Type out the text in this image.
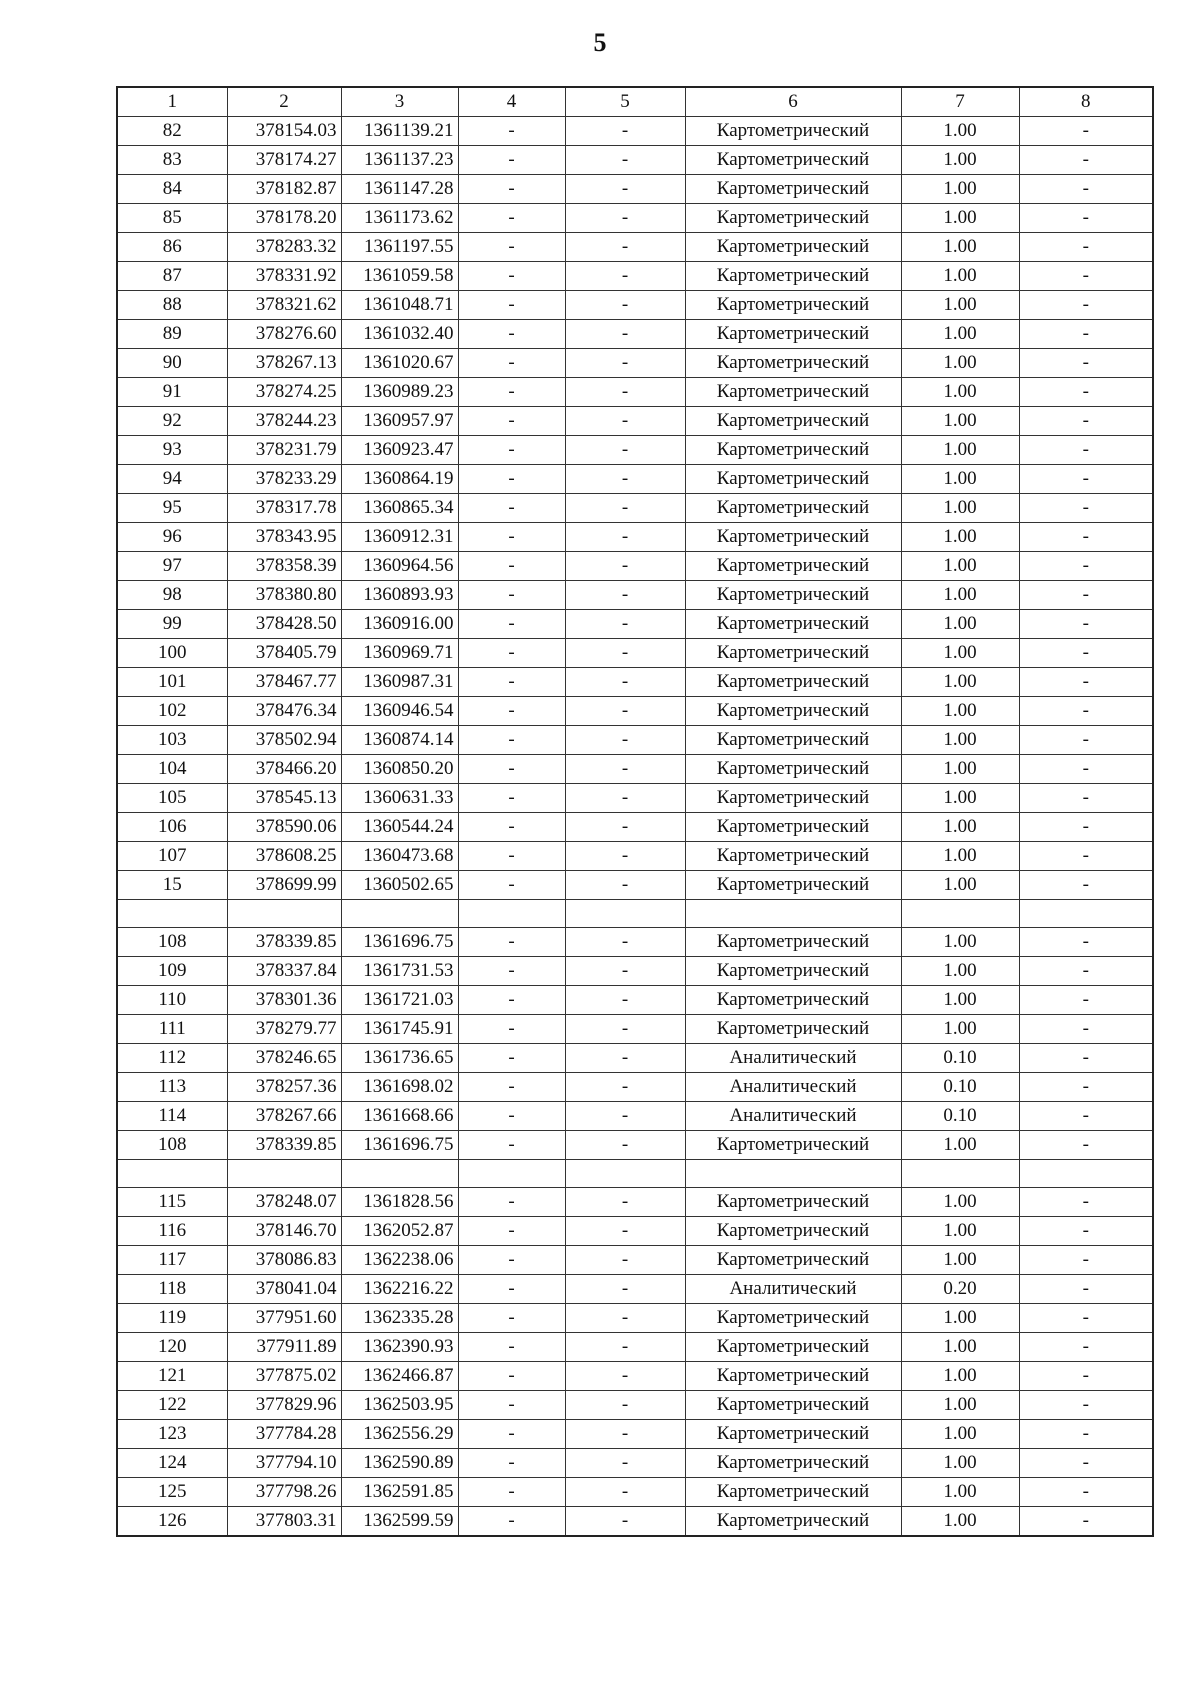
5
1	2	3	4	5	6	7	8
82	378154.03	1361139.21	-	-	Картометрический	1.00	-
83	378174.27	1361137.23	-	-	Картометрический	1.00	-
84	378182.87	1361147.28	-	-	Картометрический	1.00	-
85	378178.20	1361173.62	-	-	Картометрический	1.00	-
86	378283.32	1361197.55	-	-	Картометрический	1.00	-
87	378331.92	1361059.58	-	-	Картометрический	1.00	-
88	378321.62	1361048.71	-	-	Картометрический	1.00	-
89	378276.60	1361032.40	-	-	Картометрический	1.00	-
90	378267.13	1361020.67	-	-	Картометрический	1.00	-
91	378274.25	1360989.23	-	-	Картометрический	1.00	-
92	378244.23	1360957.97	-	-	Картометрический	1.00	-
93	378231.79	1360923.47	-	-	Картометрический	1.00	-
94	378233.29	1360864.19	-	-	Картометрический	1.00	-
95	378317.78	1360865.34	-	-	Картометрический	1.00	-
96	378343.95	1360912.31	-	-	Картометрический	1.00	-
97	378358.39	1360964.56	-	-	Картометрический	1.00	-
98	378380.80	1360893.93	-	-	Картометрический	1.00	-
99	378428.50	1360916.00	-	-	Картометрический	1.00	-
100	378405.79	1360969.71	-	-	Картометрический	1.00	-
101	378467.77	1360987.31	-	-	Картометрический	1.00	-
102	378476.34	1360946.54	-	-	Картометрический	1.00	-
103	378502.94	1360874.14	-	-	Картометрический	1.00	-
104	378466.20	1360850.20	-	-	Картометрический	1.00	-
105	378545.13	1360631.33	-	-	Картометрический	1.00	-
106	378590.06	1360544.24	-	-	Картометрический	1.00	-
107	378608.25	1360473.68	-	-	Картометрический	1.00	-
15	378699.99	1360502.65	-	-	Картометрический	1.00	-

108	378339.85	1361696.75	-	-	Картометрический	1.00	-
109	378337.84	1361731.53	-	-	Картометрический	1.00	-
110	378301.36	1361721.03	-	-	Картометрический	1.00	-
111	378279.77	1361745.91	-	-	Картометрический	1.00	-
112	378246.65	1361736.65	-	-	Аналитический	0.10	-
113	378257.36	1361698.02	-	-	Аналитический	0.10	-
114	378267.66	1361668.66	-	-	Аналитический	0.10	-
108	378339.85	1361696.75	-	-	Картометрический	1.00	-

115	378248.07	1361828.56	-	-	Картометрический	1.00	-
116	378146.70	1362052.87	-	-	Картометрический	1.00	-
117	378086.83	1362238.06	-	-	Картометрический	1.00	-
118	378041.04	1362216.22	-	-	Аналитический	0.20	-
119	377951.60	1362335.28	-	-	Картометрический	1.00	-
120	377911.89	1362390.93	-	-	Картометрический	1.00	-
121	377875.02	1362466.87	-	-	Картометрический	1.00	-
122	377829.96	1362503.95	-	-	Картометрический	1.00	-
123	377784.28	1362556.29	-	-	Картометрический	1.00	-
124	377794.10	1362590.89	-	-	Картометрический	1.00	-
125	377798.26	1362591.85	-	-	Картометрический	1.00	-
126	377803.31	1362599.59	-	-	Картометрический	1.00	-
